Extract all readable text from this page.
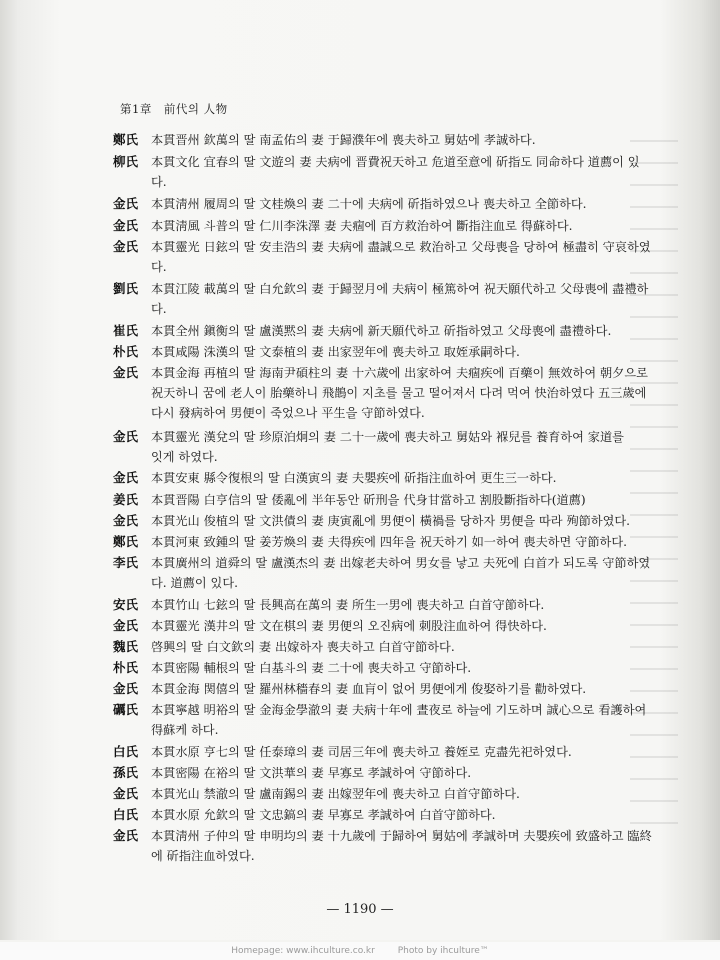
第1章　前代의 人物
鄭氏	本貫晋州 欽萬의 딸 南孟佑의 妻 于歸濮年에 喪夫하고 舅姑에 孝誠하다.
柳氏	本貫文化 宜春의 딸 文遊의 妻 夫病에 晋費祝天하고 危道至意에 斫指도 同命하다 道薦이 있
다.
金氏	本貫淸州 履周의 딸 文桂煥의 妻 二十에 夫病에 斫指하였으나 喪夫하고 全節하다.
金氏	本貫淸風 斗普의 딸 仁川李洙澤 妻 夫痼에 百方救治하여 斷指注血로 得蘇하다.
金氏	本貫靈光 日鉉의 딸 安圭浩의 妻 夫病에 盡誠으로 救治하고 父母喪을 당하여 極盡히 守哀하였
다.
劉氏	本貫江陵 載萬의 딸 白允欽의 妻 于歸翌月에 夫病이 極篤하여 祝天願代하고 父母喪에 盡禮하
다.
崔氏	本貫全州 鎭衡의 딸 盧漢黙의 妻 夫病에 新天願代하고 斫指하였고 父母喪에 盡禮하다.
朴氏	本貫咸陽 洙漢의 딸 文泰植의 妻 出家翌年에 喪夫하고 取姪承嗣하다.
金氏	本貫金海 再植의 딸 海南尹碩柱의 妻 十六歲에 出家하여 夫痼疾에 百藥이 無效하여 朝夕으로
祝天하니 꿈에 老人이 胎藥하니 飛鵲이 지초를 물고 떨어져서 다려 먹여 快治하였다 五三歲에
다시 發病하여 男便이 죽었으나 平生을 守節하였다.
金氏	本貫靈光 漢兌의 딸 珍原泊炯의 妻 二十一歲에 喪夫하고 舅姑와 褓兒를 養育하여 家道를
잇게 하였다.
金氏	本貫安東 縣令復根의 딸 白漢寅의 妻 夫嬰疾에 斫指注血하여 更生三一하다.
姜氏	本貫晋陽 白亨信의 딸 倭亂에 半年동안 斫刑을 代身甘當하고 割股斷指하다(道薦)
金氏	本貫光山 俊植의 딸 文洪債의 妻 庚寅亂에 男便이 橫禍를 당하자 男便을 따라 殉節하였다.
鄭氏	本貫河東 致鍾의 딸 姜芳煥의 妻 夫得疾에 四年을 祝天하기 如一하여 喪夫하면 守節하다.
李氏	本貫廣州의 道舜의 딸 盧漢杰의 妻 出嫁老夫하여 男女를 낳고 夫死에 白首가 되도록 守節하였
다. 道薦이 있다.
安氏	本貫竹山 七鉉의 딸 長興高在萬의 妻 所生一男에 喪夫하고 白首守節하다.
金氏	本貫靈光 漢井의 딸 文在棋의 妻 男便의 오진病에 刺股注血하여 得快하다.
魏氏	啓興의 딸 白文欽의 妻 出嫁하자 喪夫하고 白首守節하다.
朴氏	本貫密陽 輔根의 딸 白基斗의 妻 二十에 喪夫하고 守節하다.
金氏	本貫金海 関僖의 딸 羅州林穡春의 妻 血肓이 없어 男便에게 俊娶하기를 勸하였다.
礪氏	本貫寧越 明裕의 딸 金海金學澈의 妻 夫病十年에 晝夜로 하늘에 기도하며 誠心으로 看護하여
得蘇케 하다.
白氏	本貫水原 亨七의 딸 任泰璋의 妻 司居三年에 喪夫하고 養姪로 克盡先祀하였다.
孫氏	本貫密陽 在裕의 딸 文洪華의 妻 早寡로 孝誠하여 守節하다.
金氏	本貫光山 禁澈의 딸 盧南錫의 妻 出嫁翌年에 喪夫하고 白首守節하다.
白氏	本貫水原 允欽의 딸 文忠鎬의 妻 早寡로 孝誠하여 白首守節하다.
金氏	本貫淸州 子仲의 딸 申明均의 妻 十九歲에 于歸하여 舅姑에 孝誠하며 夫嬰疾에 致盛하고 臨終
에 斫指注血하였다.
— 1190 —
Homepage: www.ihculture.co.kr	Photo by ihculture™
